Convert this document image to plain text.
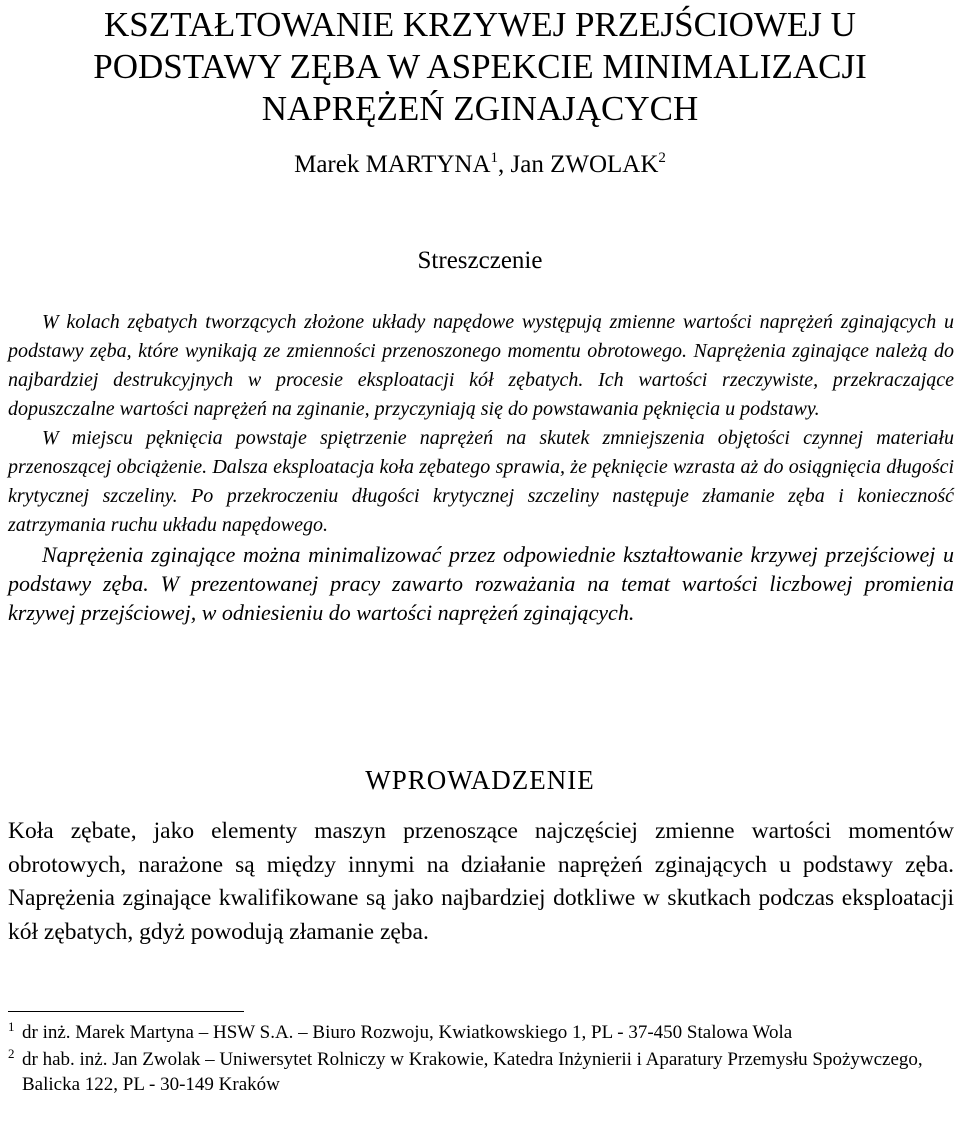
KSZTAŁTOWANIE KRZYWEJ PRZEJŚCIOWEJ U
PODSTAWY ZĘBA W ASPEKCIE MINIMALIZACJI
NAPRĘŻEŃ ZGINAJĄCYCH
Marek MARTYNA$^1$, Jan ZWOLAK$^2$
Streszczenie

W kolach zębatych tworzących złożone układy napędowe występują zmienne wartości naprężeń zginających u podstawy zęba, które wynikają ze zmienności przenoszonego momentu obrotowego. Naprężenia zginające należą do najbardziej destrukcyjnych w procesie eksploatacji kół zębatych. Ich wartości rzeczywiste, przekraczające dopuszczalne wartości naprężeń na zginanie, przyczyniają się do powstawania pęknięcia u podstawy.

W miejscu pęknięcia powstaje spiętrzenie naprężeń na skutek zmniejszenia objętości czynnej materiału przenoszącej obciążenie. Dalsza eksploatacja koła zębatego sprawia, że pęknięcie wzrasta aż do osiągnięcia długości krytycznej szczeliny. Po przekroczeniu długości krytycznej szczeliny następuje złamanie zęba i konieczność zatrzymania ruchu układu napędowego.

Naprężenia zginające można minimalizować przez odpowiednie kształtowanie krzywej przejściowej u podstawy zęba. W prezentowanej pracy zawarto rozważania na temat wartości liczbowej promienia krzywej przejściowej, w odniesieniu do wartości naprężeń zginających.

WPROWADZENIE

Koła zębate, jako elementy maszyn przenoszące najczęściej zmienne wartości momentów obrotowych, narażone są między innymi na działanie naprężeń zginających u podstawy zęba. Naprężenia zginające kwalifikowane są jako najbardziej dotkliwe w skutkach podczas eksploatacji kół zębatych, gdyż powodują złamanie zęba.

1 dr inż. Marek Martyna – HSW S.A. – Biuro Rozwoju, Kwiatkowskiego 1, PL - 37-450 Stalowa Wola
2 dr hab. inż. Jan Zwolak – Uniwersytet Rolniczy w Krakowie, Katedra Inżynierii i Aparatury Przemysłu Spożywczego, Balicka 122, PL - 30-149 Kraków
